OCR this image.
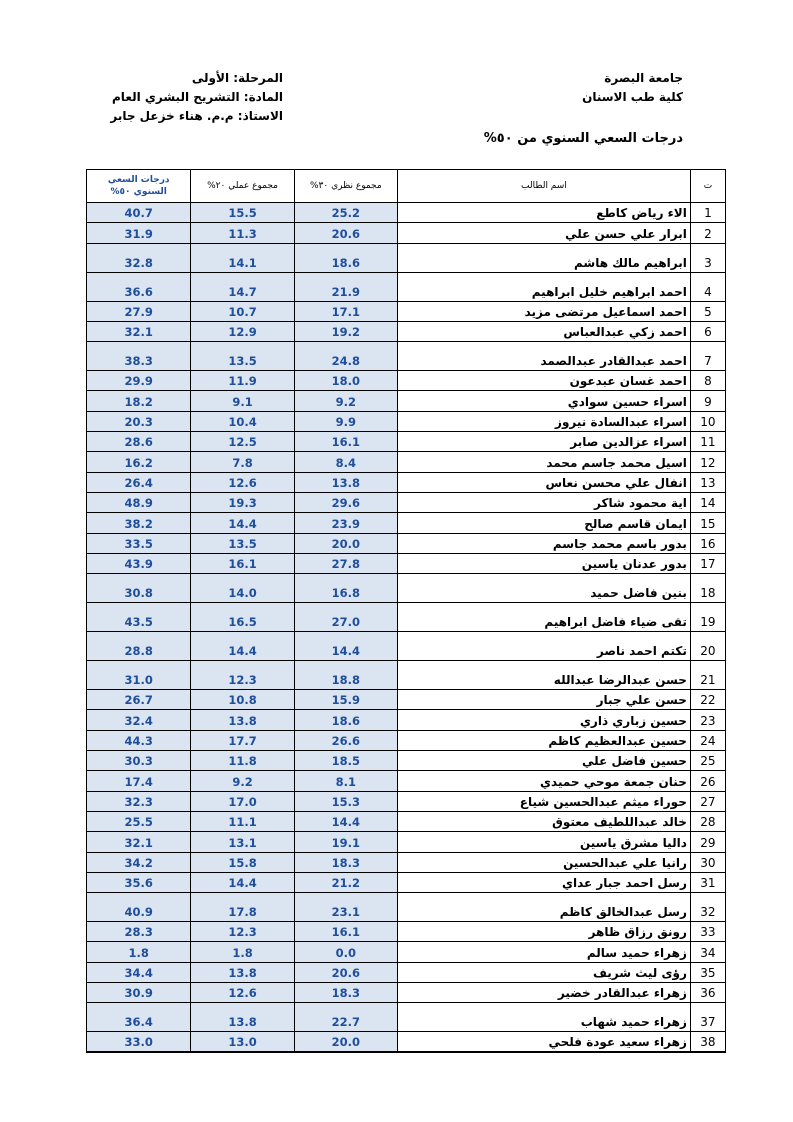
جامعة البصرة
كلية طب الاسنان
المرحلة: الأولى
المادة: التشريح البشري العام
الاستاذ: م.م. هناء خزعل جابر
درجات السعي السنوي من ٥٠%
ت	اسم الطالب	مجموع نظري ٣٠%	مجموع عملي ٢٠%	درجات السعي السنوي ٥٠%
1	الاء رياض كاطع	25.2	15.5	40.7
2	ابرار علي حسن علي	20.6	11.3	31.9
3	ابراهيم مالك هاشم	18.6	14.1	32.8
4	احمد ابراهيم خليل ابراهيم	21.9	14.7	36.6
5	احمد اسماعيل مرتضى مزيد	17.1	10.7	27.9
6	احمد زكي عبدالعباس	19.2	12.9	32.1
7	احمد عبدالقادر عبدالصمد	24.8	13.5	38.3
8	احمد غسان عبدعون	18.0	11.9	29.9
9	اسراء حسين سوادي	9.2	9.1	18.2
10	اسراء عبدالسادة نيروز	9.9	10.4	20.3
11	اسراء عزالدين صابر	16.1	12.5	28.6
12	اسيل محمد جاسم محمد	8.4	7.8	16.2
13	انفال علي محسن نعاس	13.8	12.6	26.4
14	اية محمود شاكر	29.6	19.3	48.9
15	ايمان قاسم صالح	23.9	14.4	38.2
16	بدور باسم محمد جاسم	20.0	13.5	33.5
17	بدور عدنان ياسين	27.8	16.1	43.9
18	بنين فاضل حميد	16.8	14.0	30.8
19	تقى ضياء فاضل ابراهيم	27.0	16.5	43.5
20	تكتم احمد ناصر	14.4	14.4	28.8
21	حسن عبدالرضا عبدالله	18.8	12.3	31.0
22	حسن علي جبار	15.9	10.8	26.7
23	حسين زباري ذاري	18.6	13.8	32.4
24	حسين عبدالعظيم كاظم	26.6	17.7	44.3
25	حسين فاضل علي	18.5	11.8	30.3
26	حنان جمعة موحي حميدي	8.1	9.2	17.4
27	حوراء ميثم عبدالحسين شياع	15.3	17.0	32.3
28	خالد عبداللطيف معتوق	14.4	11.1	25.5
29	داليا مشرق ياسين	19.1	13.1	32.1
30	رانيا علي عبدالحسين	18.3	15.8	34.2
31	رسل احمد جبار عداي	21.2	14.4	35.6
32	رسل عبدالخالق كاظم	23.1	17.8	40.9
33	رونق رزاق ظاهر	16.1	12.3	28.3
34	زهراء حميد سالم	0.0	1.8	1.8
35	رؤى ليث شريف	20.6	13.8	34.4
36	زهراء عبدالقادر خضير	18.3	12.6	30.9
37	زهراء حميد شهاب	22.7	13.8	36.4
38	زهراء سعيد عودة فلحي	20.0	13.0	33.0
